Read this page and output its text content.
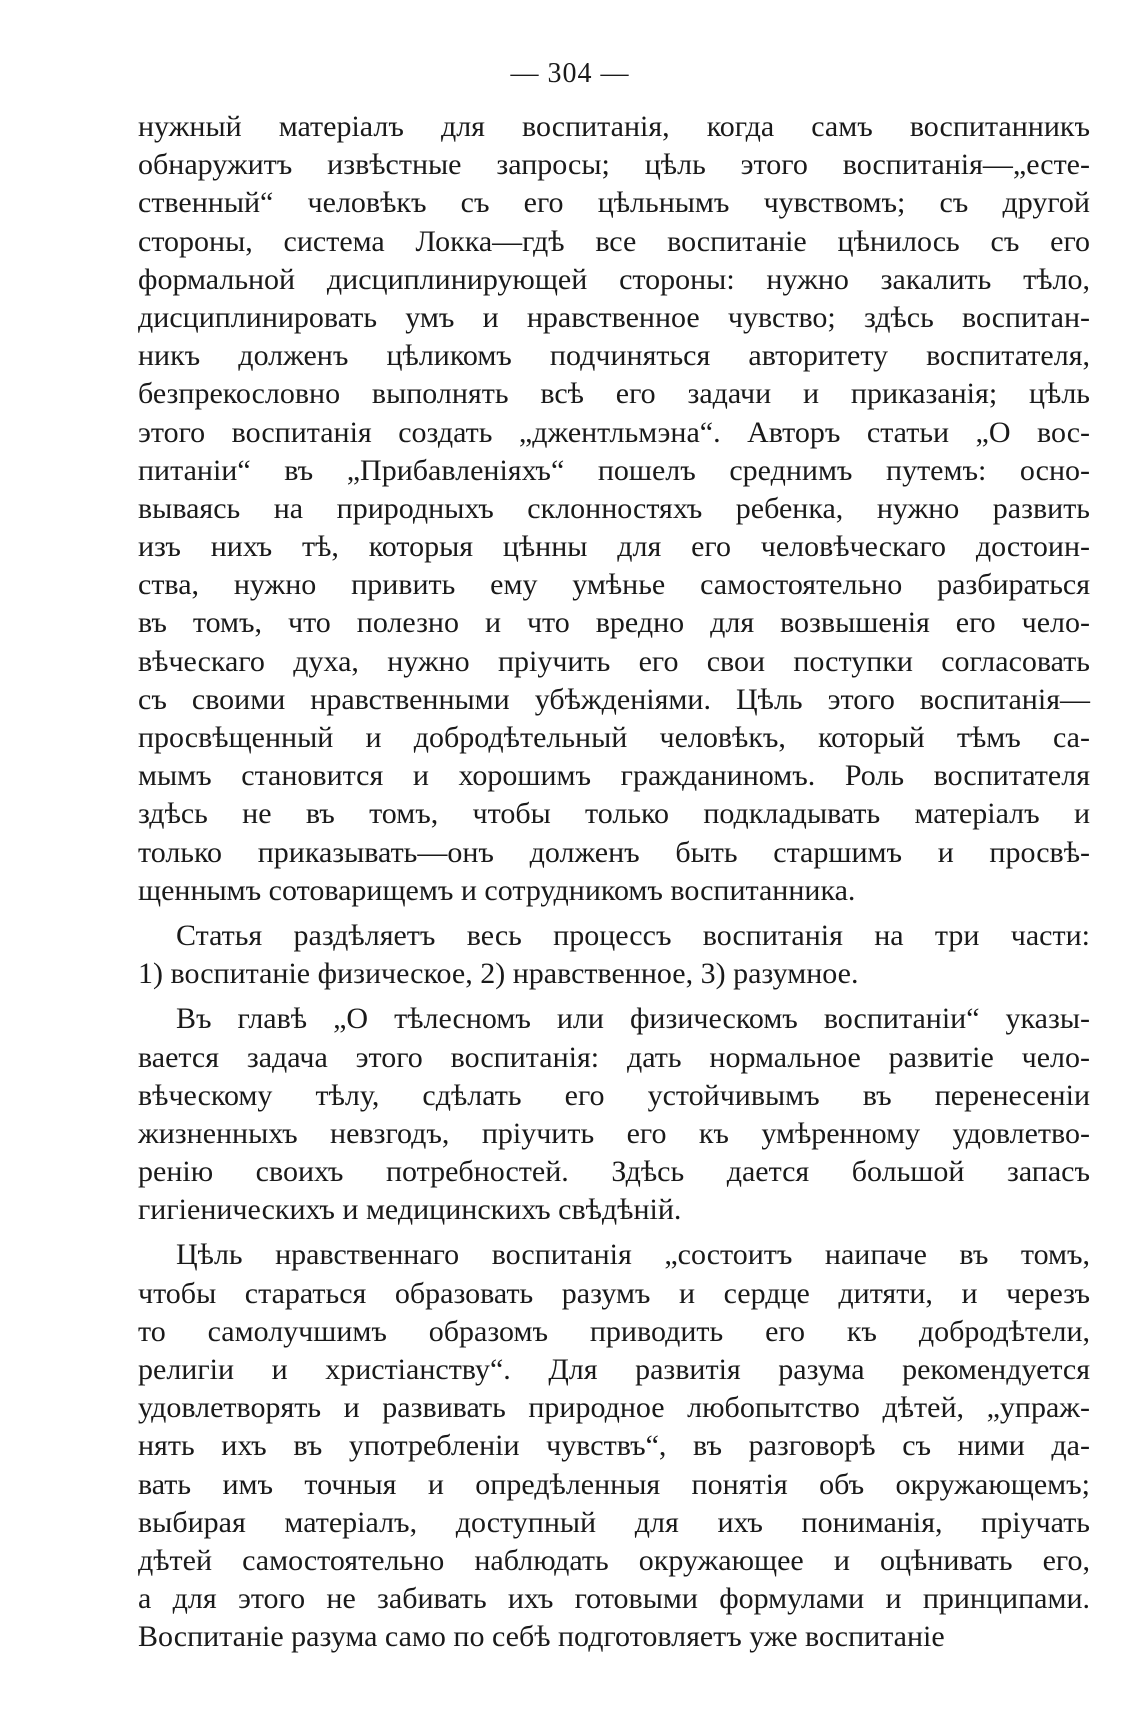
— 304 —
нужный матеріалъ для воспитанія, когда самъ воспитанникъ
обнаружитъ извѣстные запросы; цѣль этого воспитанія—„есте-
ственный“ человѣкъ съ его цѣльнымъ чувствомъ; съ другой
стороны, система Локка—гдѣ все воспитаніе цѣнилось съ его
формальной дисциплинирующей стороны: нужно закалить тѣло,
дисциплинировать умъ и нравственное чувство; здѣсь воспитан-
никъ долженъ цѣликомъ подчиняться авторитету воспитателя,
безпрекословно выполнять всѣ его задачи и приказанія; цѣль
этого воспитанія создать „джентльмэна“. Авторъ статьи „О вос-
питаніи“ въ „Прибавленіяхъ“ пошелъ среднимъ путемъ: осно-
вываясь на природныхъ склонностяхъ ребенка, нужно развить
изъ нихъ тѣ, которыя цѣнны для его человѣческаго достоин-
ства, нужно привить ему умѣнье самостоятельно разбираться
въ томъ, что полезно и что вредно для возвышенія его чело-
вѣческаго духа, нужно пріучить его свои поступки согласовать
съ своими нравственными убѣжденіями. Цѣль этого воспитанія—
просвѣщенный и добродѣтельный человѣкъ, который тѣмъ са-
мымъ становится и хорошимъ гражданиномъ. Роль воспитателя
здѣсь не въ томъ, чтобы только подкладывать матеріалъ и
только приказывать—онъ долженъ быть старшимъ и просвѣ-
щеннымъ сотоварищемъ и сотрудникомъ воспитанника.
Статья раздѣляетъ весь процессъ воспитанія на три части:
1) воспитаніе физическое, 2) нравственное, 3) разумное.
Въ главѣ „О тѣлесномъ или физическомъ воспитаніи“ указы-
вается задача этого воспитанія: дать нормальное развитіе чело-
вѣческому тѣлу, сдѣлать его устойчивымъ въ перенесеніи
жизненныхъ невзгодъ, пріучить его къ умѣренному удовлетво-
ренію своихъ потребностей. Здѣсь дается большой запасъ
гигіеническихъ и медицинскихъ свѣдѣній.
Цѣль нравственнаго воспитанія „состоитъ наипаче въ томъ,
чтобы стараться образовать разумъ и сердце дитяти, и черезъ
то самолучшимъ образомъ приводить его къ добродѣтели,
религіи и христіанству“. Для развитія разума рекомендуется
удовлетворять и развивать природное любопытство дѣтей, „упраж-
нять ихъ въ употребленіи чувствъ“, въ разговорѣ съ ними да-
вать имъ точныя и опредѣленныя понятія объ окружающемъ;
выбирая матеріалъ, доступный для ихъ пониманія, пріучать
дѣтей самостоятельно наблюдать окружающее и оцѣнивать его,
а для этого не забивать ихъ готовыми формулами и принципами.
Воспитаніе разума само по себѣ подготовляетъ уже воспитаніе
